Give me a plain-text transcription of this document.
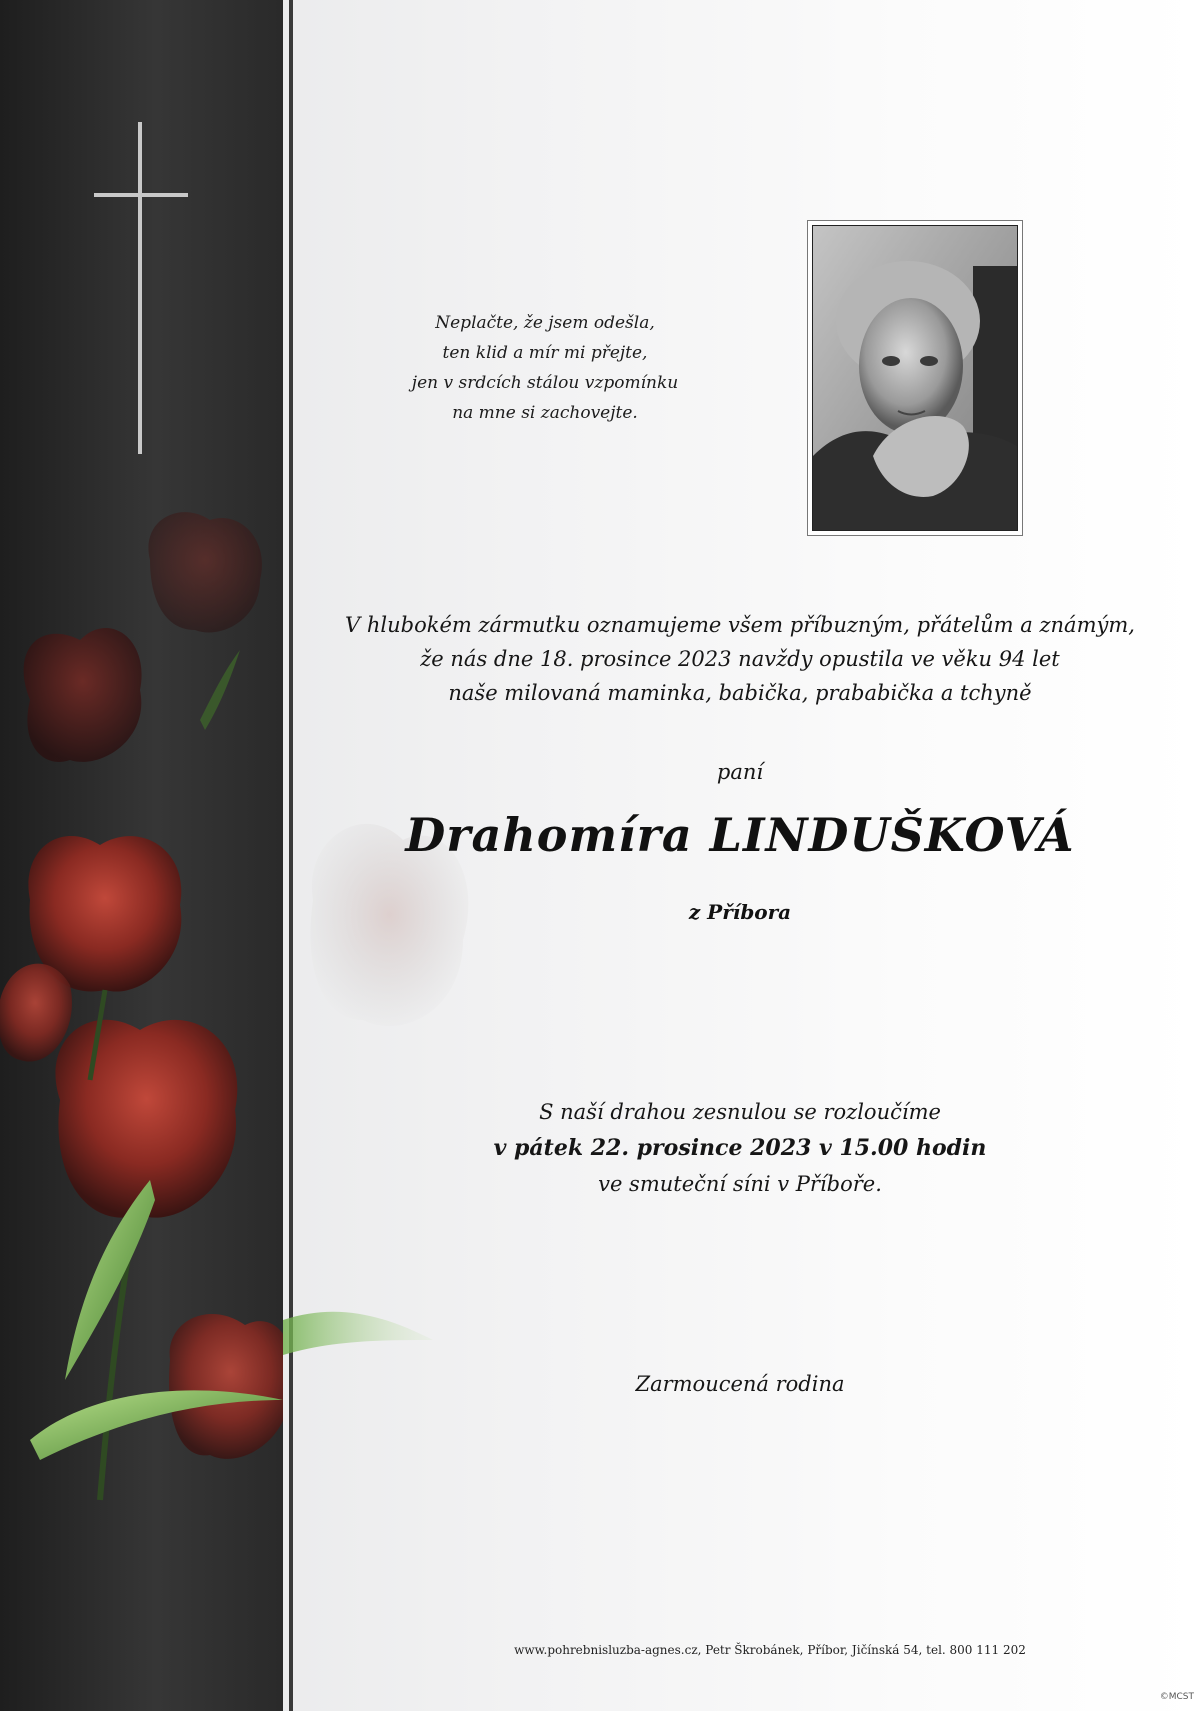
Neplačte, že jsem odešla,
ten klid a mír mi přejte,
jen v srdcích stálou vzpomínku
na mne si zachovejte.
V hlubokém zármutku oznamujeme všem příbuzným, přátelům a známým,
že nás dne 18. prosince 2023 navždy opustila ve věku 94 let
naše milovaná maminka, babička, prababička a tchyně
paní
Drahomíra LINDUŠKOVÁ
z Příbora
S naší drahou zesnulou se rozloučíme
v pátek 22. prosince 2023 v 15.00 hodin
ve smuteční síni v Příboře.
Zarmoucená rodina
www.pohrebnisluzba-agnes.cz, Petr Škrobánek, Příbor, Jičínská 54, tel. 800 111 202
©MCST
